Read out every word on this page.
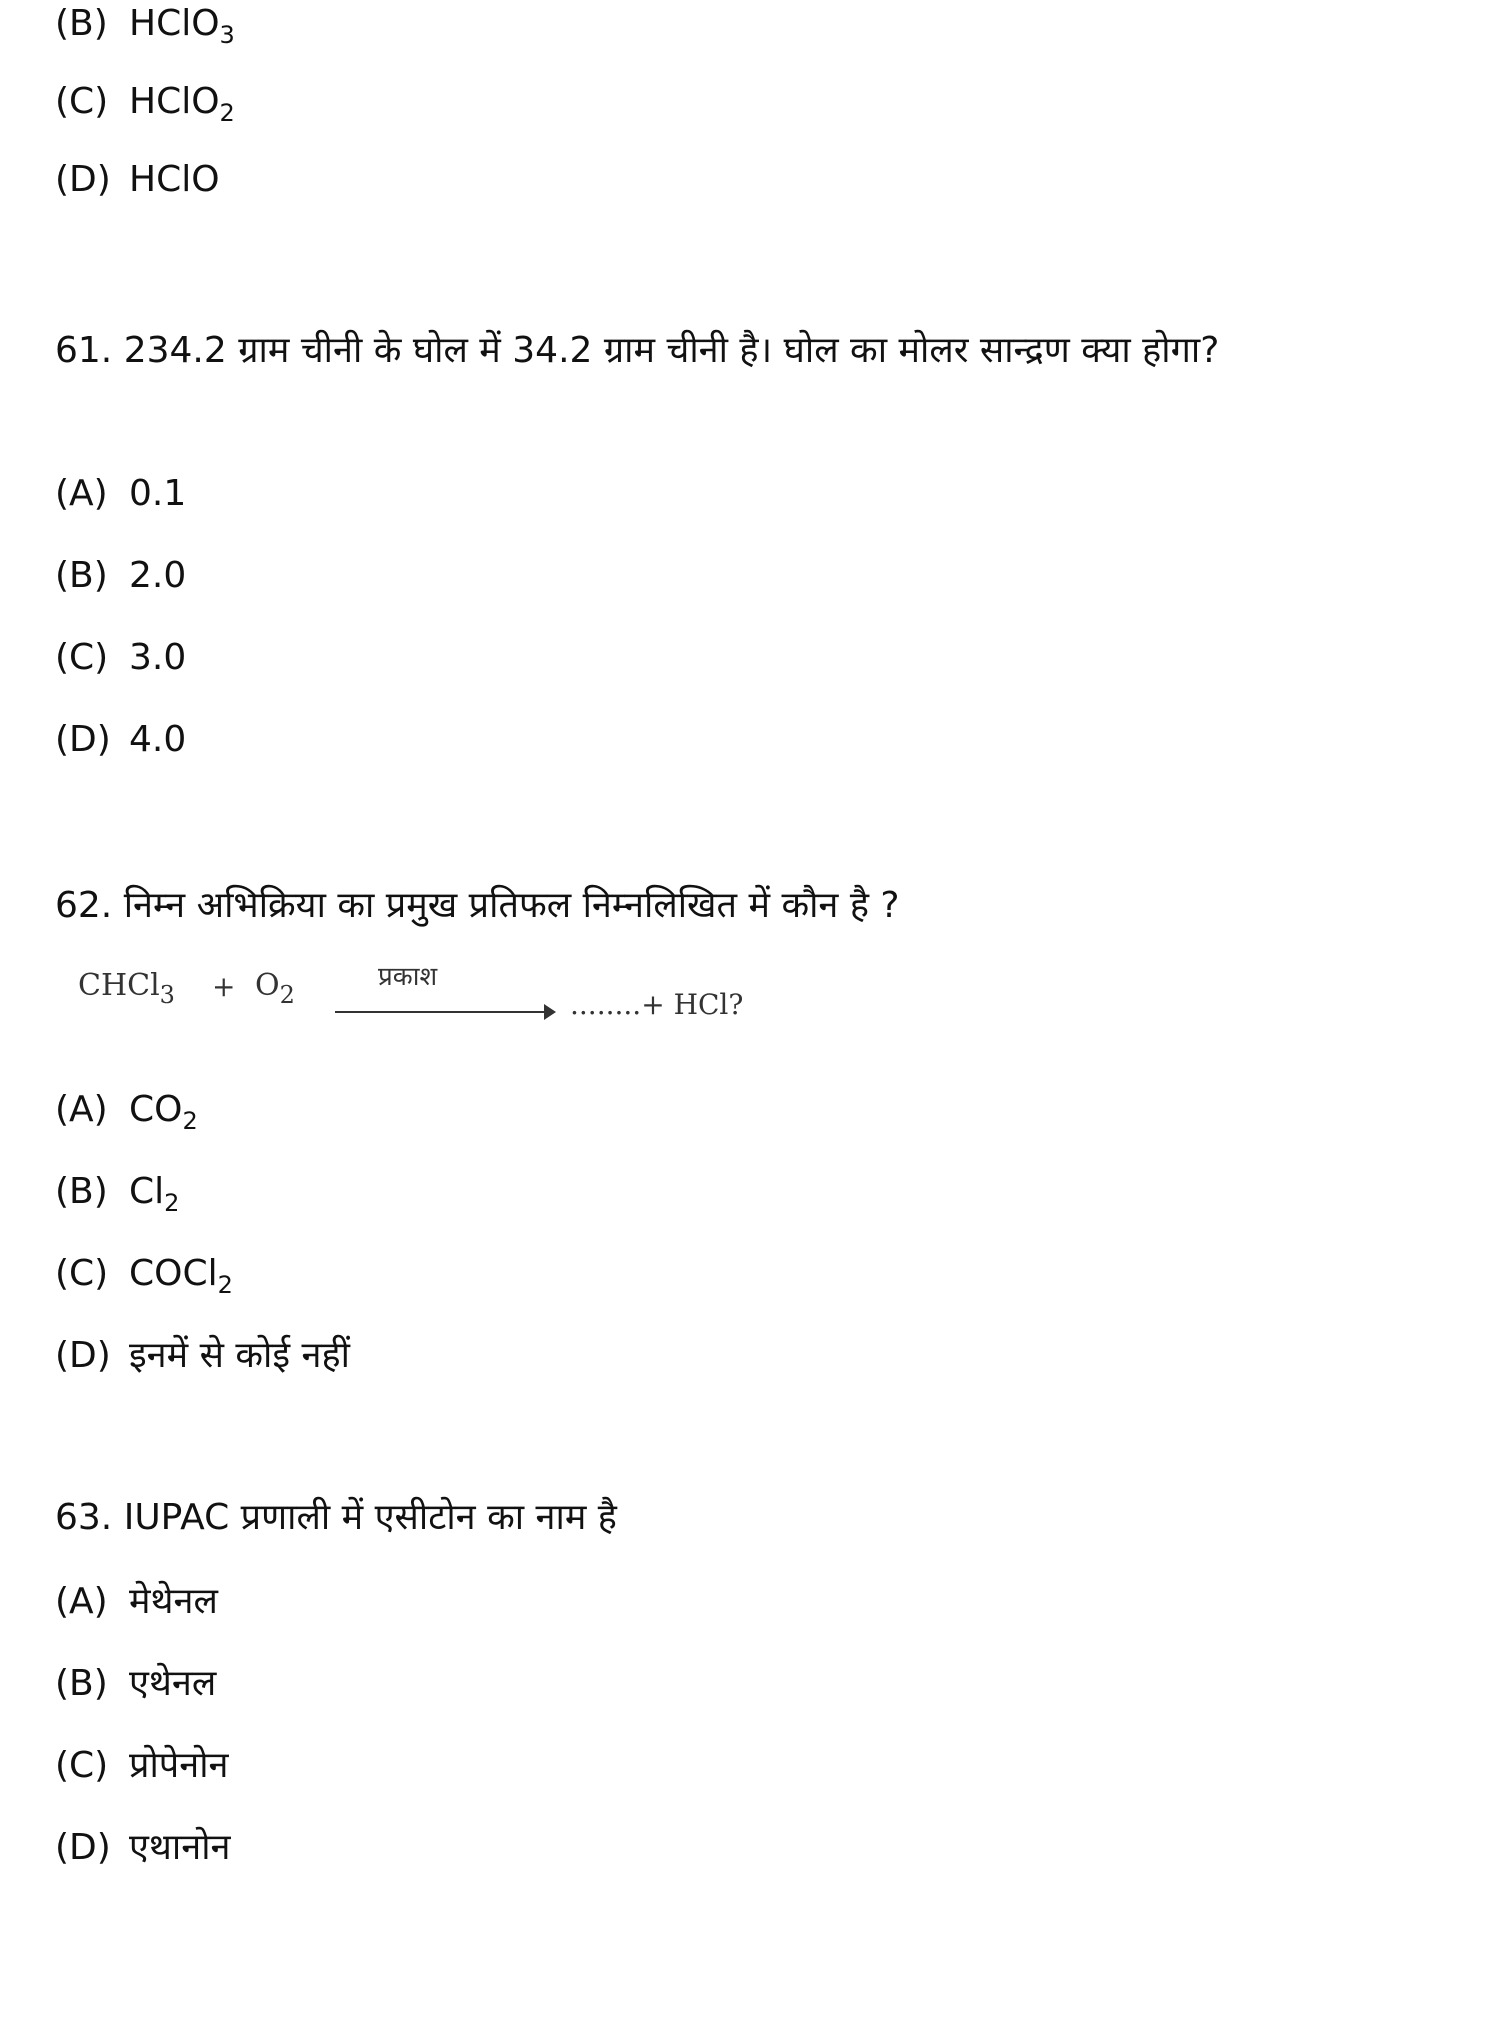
(B) HClO$_3$
(C) HClO$_2$
(D) HClO
61. 234.2 ग्राम चीनी के घोल में 34.2 ग्राम चीनी है। घोल का मोलर सान्द्रण क्या होगा?
(A) 0.1
(B) 2.0
(C) 3.0
(D) 4.0
62. निम्न अभिक्रिया का प्रमुख प्रतिफल निम्नलिखित में कौन है ?
CHCl$_3$	+ $O_2$
प्रकाश
........+ HCl?
(A) $CO_2$
(B) $Cl_2$
(C) COCl$_2$
(D) इनमें से कोई नहीं
63. IUPAC प्रणाली में एसीटोन का नाम है
(A) मेथेनल
(B) एथेनल
(C) प्रोपेनोन
(D) एथानोन
